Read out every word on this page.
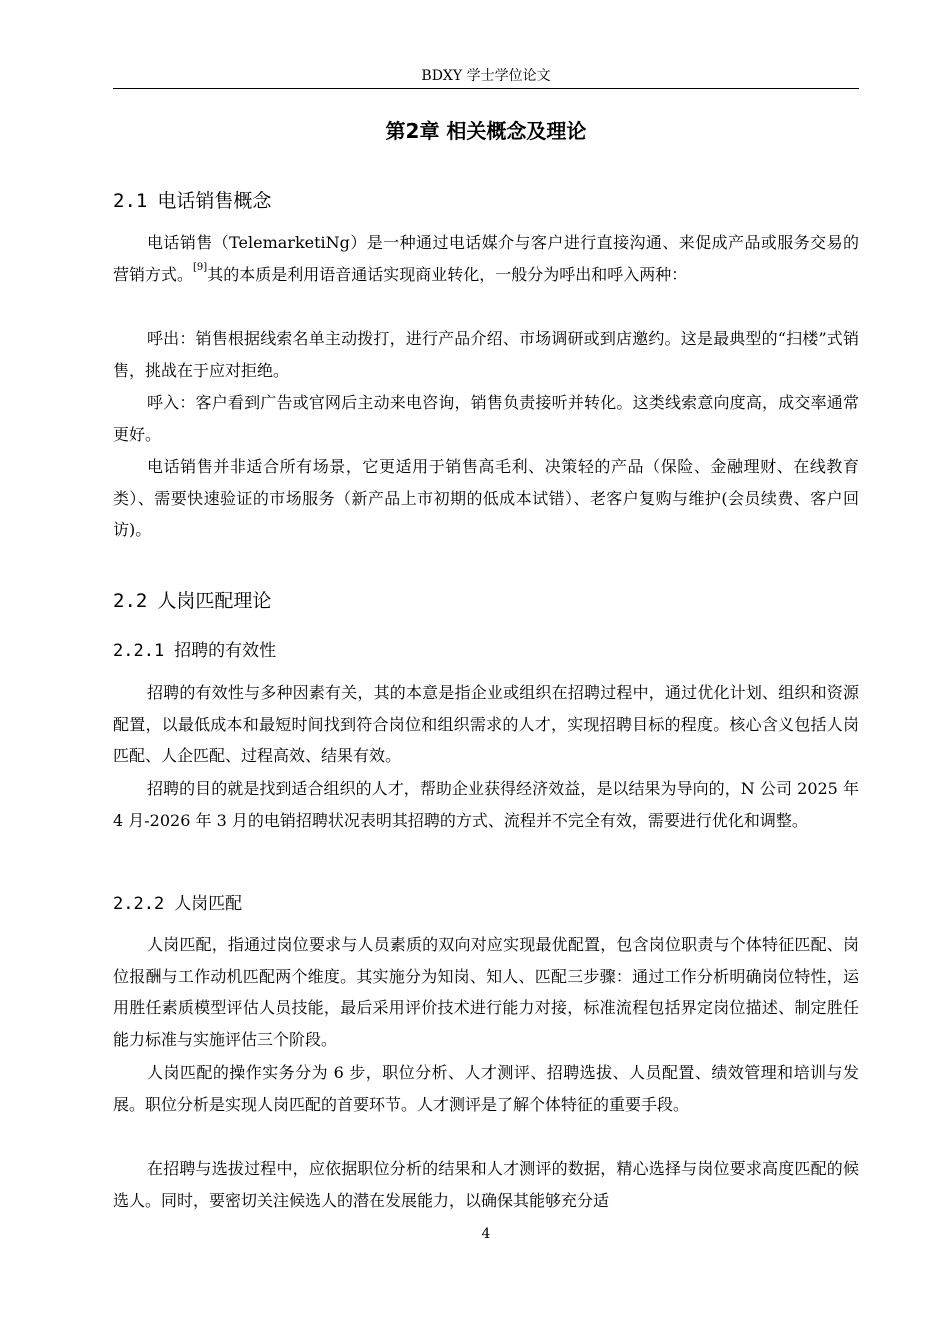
BDXY 学士学位论文
第2章 相关概念及理论
2.1 电话销售概念
电话销售（TelemarketiNg）是一种通过电话媒介与客户进行直接沟通、来促成产品或服务交易的营销方式。[9]其的本质是利用语音通话实现商业转化，一般分为呼出和呼入两种：
呼出：销售根据线索名单主动拨打，进行产品介绍、市场调研或到店邀约。这是最典型的“扫楼”式销售，挑战在于应对拒绝。
呼入：客户看到广告或官网后主动来电咨询，销售负责接听并转化。这类线索意向度高，成交率通常更好。
电话销售并非适合所有场景，它更适用于销售高毛利、决策轻的产品（保险、金融理财、在线教育类）、需要快速验证的市场服务（新产品上市初期的低成本试错）、老客户复购与维护(会员续费、客户回访)。
2.2 人岗匹配理论
2.2.1 招聘的有效性
招聘的有效性与多种因素有关，其的本意是指企业或组织在招聘过程中，通过优化计划、组织和资源配置，以最低成本和最短时间找到符合岗位和组织需求的人才，实现招聘目标的程度。核心含义包括人岗匹配、人企匹配、过程高效、结果有效。
招聘的目的就是找到适合组织的人才，帮助企业获得经济效益，是以结果为导向的，N 公司 2025 年 4 月-2026 年 3 月的电销招聘状况表明其招聘的方式、流程并不完全有效，需要进行优化和调整。
2.2.2 人岗匹配
人岗匹配，指通过岗位要求与人员素质的双向对应实现最优配置，包含岗位职责与个体特征匹配、岗位报酬与工作动机匹配两个维度。其实施分为知岗、知人、匹配三步骤：通过工作分析明确岗位特性，运用胜任素质模型评估人员技能，最后采用评价技术进行能力对接，标准流程包括界定岗位描述、制定胜任能力标准与实施评估三个阶段。
人岗匹配的操作实务分为 6 步，职位分析、人才测评、招聘选拔、人员配置、绩效管理和培训与发展。职位分析是实现人岗匹配的首要环节。人才测评是了解个体特征的重要手段。
在招聘与选拔过程中，应依据职位分析的结果和人才测评的数据，精心选择与岗位要求高度匹配的候选人。同时，要密切关注候选人的潜在发展能力，以确保其能够充分适
4
